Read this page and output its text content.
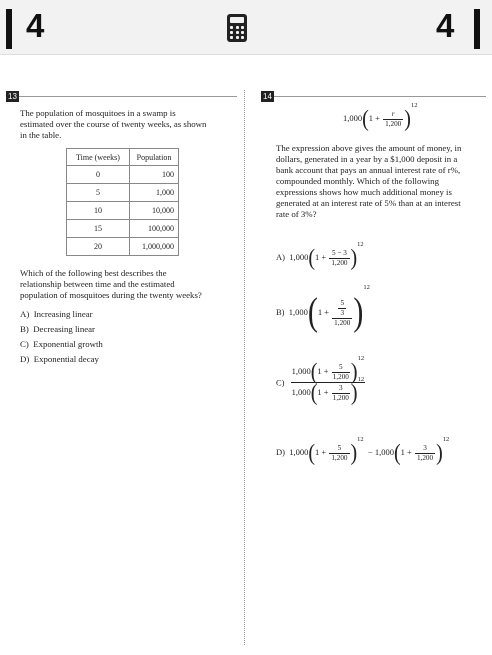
4	4
13
The population of mosquitoes in a swamp is
estimated over the course of twenty weeks, as shown
in the table.
Time (weeks)	Population
0	100
5	1,000
10	10,000
15	100,000
20	1,000,000
Which of the following best describes the
relationship between time and the estimated
population of mosquitoes during the twenty weeks?
A) Increasing linear
B) Decreasing linear
C) Exponential growth
D) Exponential decay
14
$1,000(1 + \frac{r}{1,200} )^{12}$
The expression above gives the amount of money, in
dollars, generated in a year by a $1,000 deposit in a
bank account that pays an annual interest rate of r%,
compounded monthly. Which of the following
expressions shows how much additional money is
generated at an interest rate of 5% than at an interest
rate of 3%?
A) $1,000(1 + \frac{5 - 3}{1,200} )^{12}$
B) $1,000(1 + \frac{\frac{5}{3}}{1,200} )^{12}$
$C) \frac{1,000(1 + \frac{5}{1,200} )^{12}}{1,000(1 + \frac{3}{1,200} )^{12}}$
D) $1,000(1 + \frac{5}{1,200} )^{12} - 1,000(1 + \frac{3}{1,200} )^{12}$
